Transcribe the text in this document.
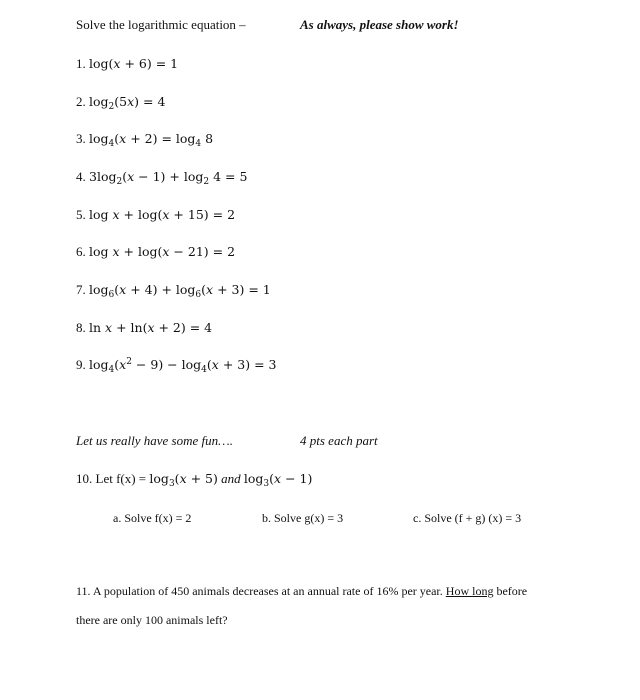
Solve the logarithmic equation –	As always, please show work!
1. log(x + 6) = 1
2. $\log_2(5x) = 4$
3. $\log_4(x + 2) = \log_4 8$
4. $3\log_2(x - 1) + \log_2 4 = 5$
5. log x + log(x + 15) = 2
6. log x + log(x − 21) = 2
7. $\log_6(x + 4) + \log_6(x + 3) = 1$
8. ln x + ln(x + 2) = 4
9. $\log_4(x^2 - 9) - \log_4(x + 3) = 3$
Let us really have some fun….	4 pts each part
10. Let $f(x) = \log_3(x + 5)$ and $\log_3(x - 1)$
a. Solve f(x) = 2	b. Solve g(x) = 3	c. Solve (f + g) (x) = 3
11. A population of 450 animals decreases at an annual rate of 16% per year. How long before
there are only 100 animals left?
